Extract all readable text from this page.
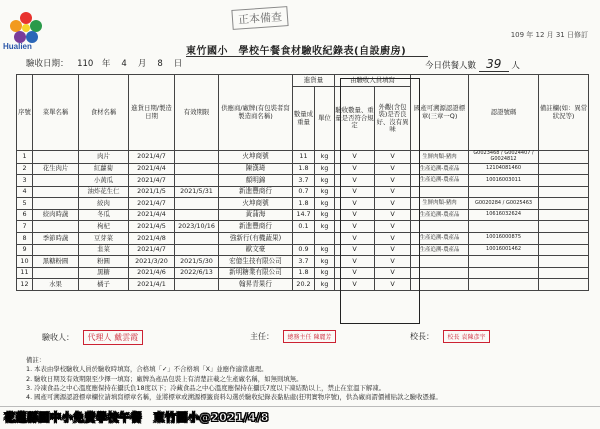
Hualien
正本備查
109 年 12 月 31 日修訂
東竹國小　學校午餐食材驗收紀錄表(自設廚房)
驗收日期： 110 年 4 月 8 日	今日供餐人數 39 人
序號	菜單名稱	食材名稱	進貨日期/製造日期	有效期限	供應商/廠牌(有包裝者寫製造商名稱)	進貨量		由驗收人員填寫		國產可溯源認證標章(三章一Q)	認證號碼	備註欄(如：異常狀況等)
						數量成重量	單位	驗收數量、重量是否符合規定	外觀(含包裝)是否良好、沒有異味			
1		肉片	2021/4/7		火坤商號	11	kg	V	V	生鮮肉類-豬肉	G0023468 / G0024407 / G0024812	
2	花生肉片	紅蘿蔔	2021/4/4		陳漢琦	1.8	kg	V	V	生產追溯-農產品	12104081460	
3		小黃瓜	2021/4/7		顏明錦	3.7	kg	V	V	生產追溯-農產品	10016003011	
4		油炸花生仁	2021/1/5	2021/5/31	新進豐商行	0.7	kg	V	V			
5		絞肉	2021/4/7		火坤商號	1.8	kg	V	V	生鮮肉類-豬肉	G0020284 / G0025463	
6	絞肉時蔬	冬瓜	2021/4/4		黃蒲海	14.7	kg	V	V	生產追溯-農產品	10616032624	
7		枸杞	2021/4/5	2023/10/16	新進豐商行	0.1	kg	V	V			
8	季節時蔬	豆芽菜	2021/4/8		強新行(有機蔬果)			V	V	生產追溯-農產品	10016000875	
9		韭菜	2021/4/7		歐文豪	0.9	kg	V	V	生產追溯-農產品	10016001462	
10	黑糖粉圓	粉圓	2021/3/20	2021/5/30	宏億生技有限公司	3.7	kg	V	V			
11		黑糖	2021/4/6	2022/6/13	新明糖業有限公司	1.8	kg	V	V			
12	水果	橘子	2021/4/1		翰昇青果行	20.2	kg	V	V			
驗收人： 代理人 戴雲霞	主任： 總務主任 陳麗芳	校長： 校長 袁陳彥宇
備註：
1. 本表由學校驗收人員於驗收時填寫，合格填「✓」不合格填「X」並應作適當處理。
2. 驗收日期及有效期限至少擇一填寫；廠牌為產品包裝上有清楚註載之生產廠名稱，如無則填無。
3. 冷凍食品之中心溫度應保持在攝氏負18度以下；冷藏食品之中心溫度應保持在攝氏7度以下凍結點以上，禁止在室溫下解凍。
4. 國產可溯源認證標章欄位請填寫標章名稱，並將標章或溯源標籤資料勾選於驗收紀錄表黏貼處(狂明實物序號)，供為廠商謂價補貼款之驗收憑據。
花蓮縣國中小免費學校午餐　東竹國小@2021/4/8
